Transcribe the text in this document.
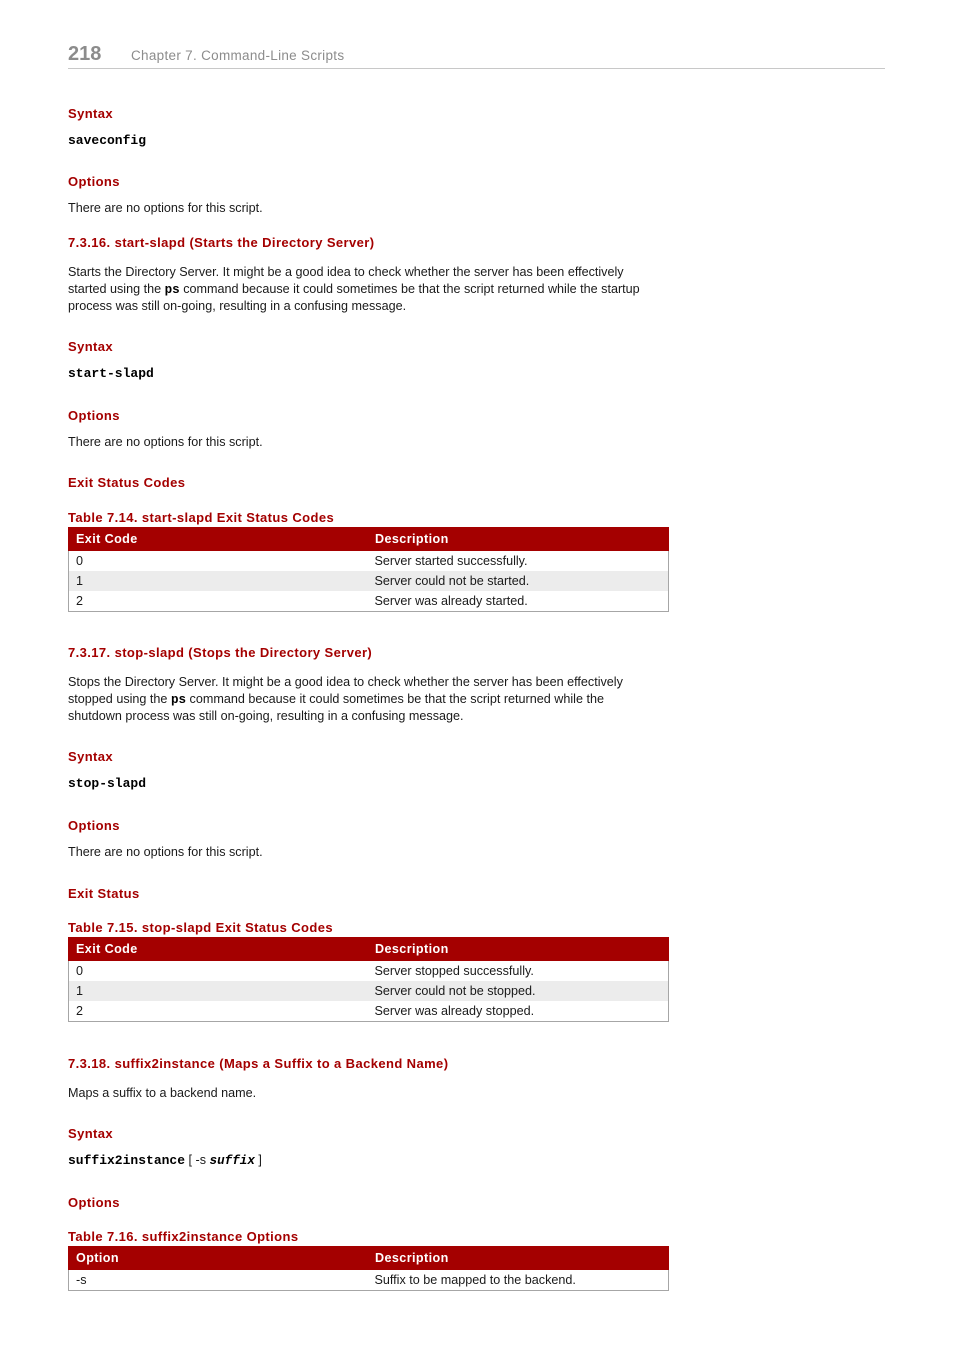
218 Chapter 7. Command-Line Scripts
Syntax
saveconfig
Options
There are no options for this script.
7.3.16. start-slapd (Starts the Directory Server)
Starts the Directory Server. It might be a good idea to check whether the server has been effectively
started using the ps command because it could sometimes be that the script returned while the startup
process was still on-going, resulting in a confusing message.
Syntax
start-slapd
Options
There are no options for this script.
Exit Status Codes
Table 7.14. start-slapd Exit Status Codes
Exit Code	Description
0	Server started successfully.
1	Server could not be started.
2	Server was already started.
7.3.17. stop-slapd (Stops the Directory Server)
Stops the Directory Server. It might be a good idea to check whether the server has been effectively
stopped using the ps command because it could sometimes be that the script returned while the
shutdown process was still on-going, resulting in a confusing message.
Syntax
stop-slapd
Options
There are no options for this script.
Exit Status
Table 7.15. stop-slapd Exit Status Codes
Exit Code	Description
0	Server stopped successfully.
1	Server could not be stopped.
2	Server was already stopped.
7.3.18. suffix2instance (Maps a Suffix to a Backend Name)
Maps a suffix to a backend name.
Syntax
suffix2instance [ -s suffix ]
Options
Table 7.16. suffix2instance Options
Option	Description
-s	Suffix to be mapped to the backend.
